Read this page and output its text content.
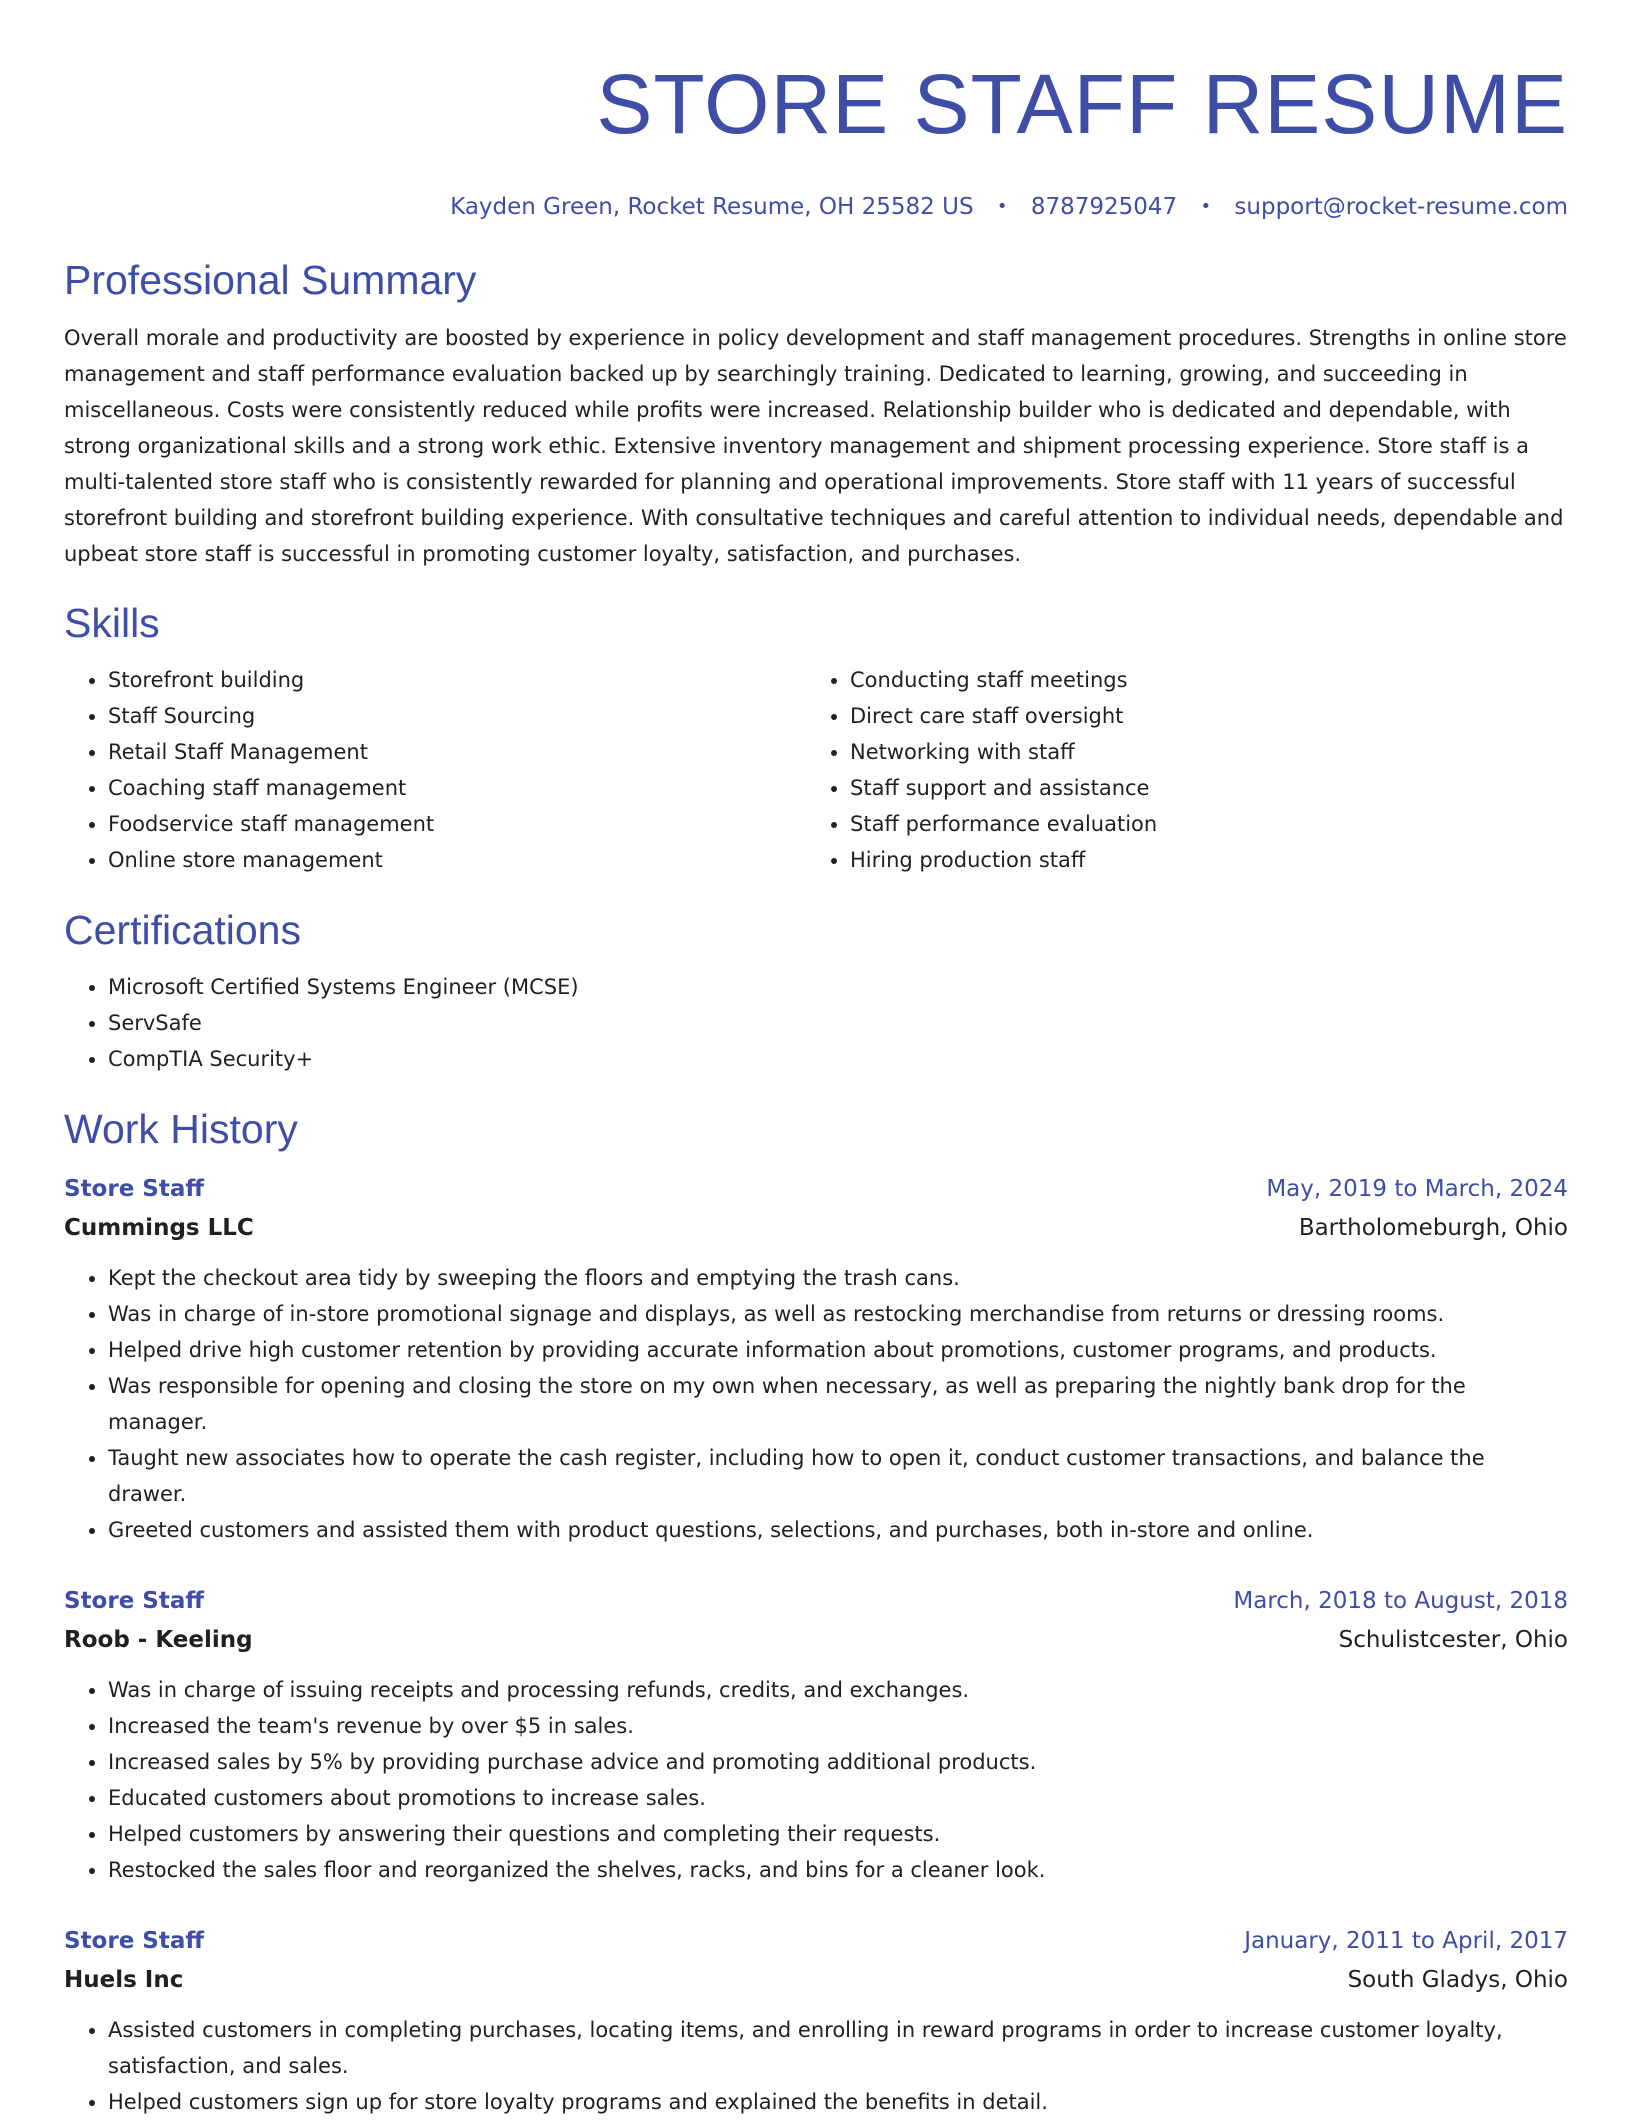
STORE STAFF RESUME
Kayden Green, Rocket Resume, OH 25582 US • 8787925047 • support@rocket-resume.com
Professional Summary

Overall morale and productivity are boosted by experience in policy development and staff management procedures. Strengths in online store management and staff performance evaluation backed up by searchingly training. Dedicated to learning, growing, and succeeding in miscellaneous. Costs were consistently reduced while profits were increased. Relationship builder who is dedicated and dependable, with strong organizational skills and a strong work ethic. Extensive inventory management and shipment processing experience. Store staff is a multi-talented store staff who is consistently rewarded for planning and operational improvements. Store staff with 11 years of successful storefront building and storefront building experience. With consultative techniques and careful attention to individual needs, dependable and upbeat store staff is successful in promoting customer loyalty, satisfaction, and purchases.

Skills
• Storefront building
• Staff Sourcing
• Retail Staff Management
• Coaching staff management
• Foodservice staff management
• Online store management
• Conducting staff meetings
• Direct care staff oversight
• Networking with staff
• Staff support and assistance
• Staff performance evaluation
• Hiring production staff
Certifications
• Microsoft Certified Systems Engineer (MCSE)
• ServSafe
• CompTIA Security+
Work History
Store Staff	May, 2019 to March, 2024
Cummings LLC	Bartholomeburgh, Ohio
• Kept the checkout area tidy by sweeping the floors and emptying the trash cans.
• Was in charge of in-store promotional signage and displays, as well as restocking merchandise from returns or dressing rooms.
• Helped drive high customer retention by providing accurate information about promotions, customer programs, and products.
• Was responsible for opening and closing the store on my own when necessary, as well as preparing the nightly bank drop for the manager.
• Taught new associates how to operate the cash register, including how to open it, conduct customer transactions, and balance the drawer.
• Greeted customers and assisted them with product questions, selections, and purchases, both in-store and online.
Store Staff	March, 2018 to August, 2018
Roob - Keeling	Schulistcester, Ohio
• Was in charge of issuing receipts and processing refunds, credits, and exchanges.
• Increased the team's revenue by over $5 in sales.
• Increased sales by 5% by providing purchase advice and promoting additional products.
• Educated customers about promotions to increase sales.
• Helped customers by answering their questions and completing their requests.
• Restocked the sales floor and reorganized the shelves, racks, and bins for a cleaner look.
Store Staff	January, 2011 to April, 2017
Huels Inc	South Gladys, Ohio
• Assisted customers in completing purchases, locating items, and enrolling in reward programs in order to increase customer loyalty, satisfaction, and sales.
• Helped customers sign up for store loyalty programs and explained the benefits in detail.
